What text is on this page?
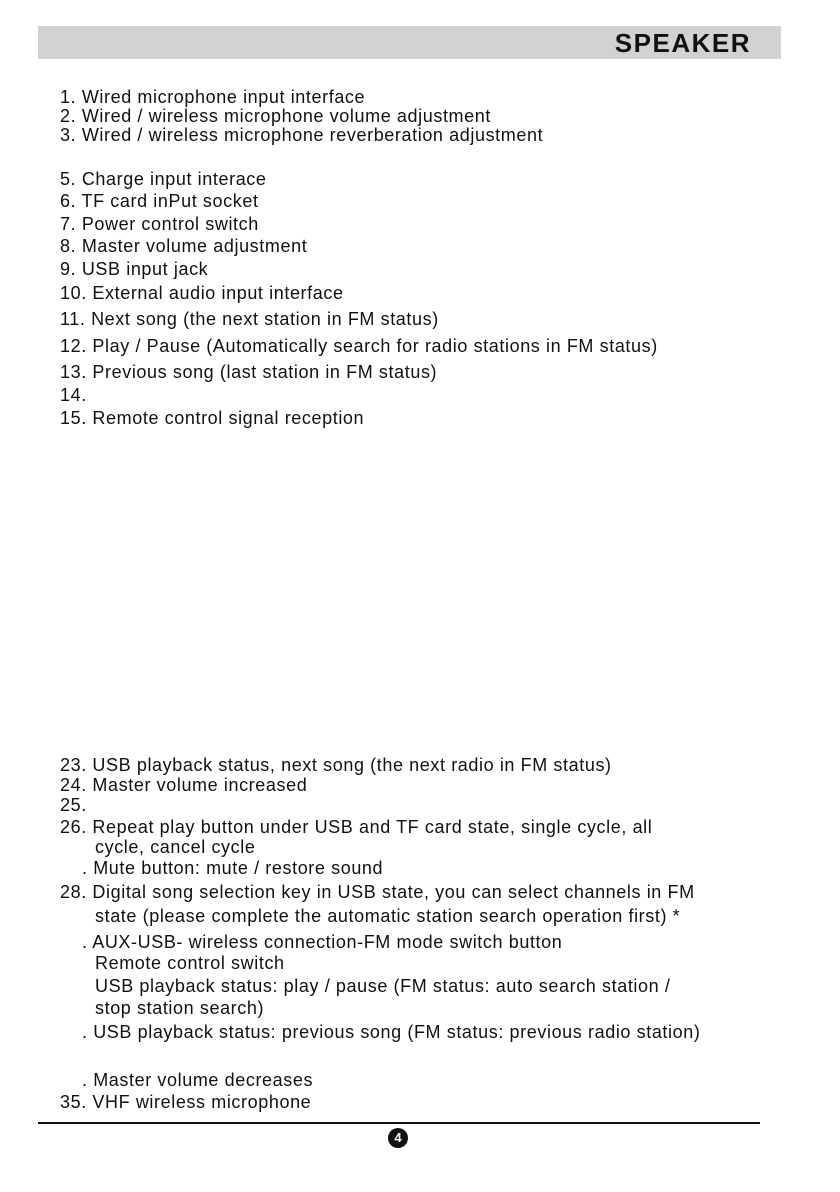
SPEAKER
1. Wired microphone input interface
2. Wired / wireless microphone volume adjustment
3. Wired / wireless microphone reverberation adjustment
5. Charge input interace
6. TF card inPut socket
7. Power control switch
8. Master volume adjustment
9. USB input jack
10. External audio input interface
11. Next song (the next station in FM status)
12. Play / Pause (Automatically search for radio stations in FM status)
13. Previous song (last station in FM status)
14.
15. Remote control signal reception
23. USB playback status, next song (the next radio in FM status)
24. Master volume increased
25.
26. Repeat play button under USB and TF card state, single cycle, all
cycle, cancel cycle
. Mute button: mute / restore sound
28. Digital song selection key in USB state, you can select channels in FM
state (please complete the automatic station search operation first) *
. AUX-USB- wireless connection-FM mode switch button
Remote control switch
USB playback status: play / pause (FM status: auto search station /
stop station search)
. USB playback status: previous song (FM status: previous radio station)
. Master volume decreases
35. VHF wireless microphone
4
